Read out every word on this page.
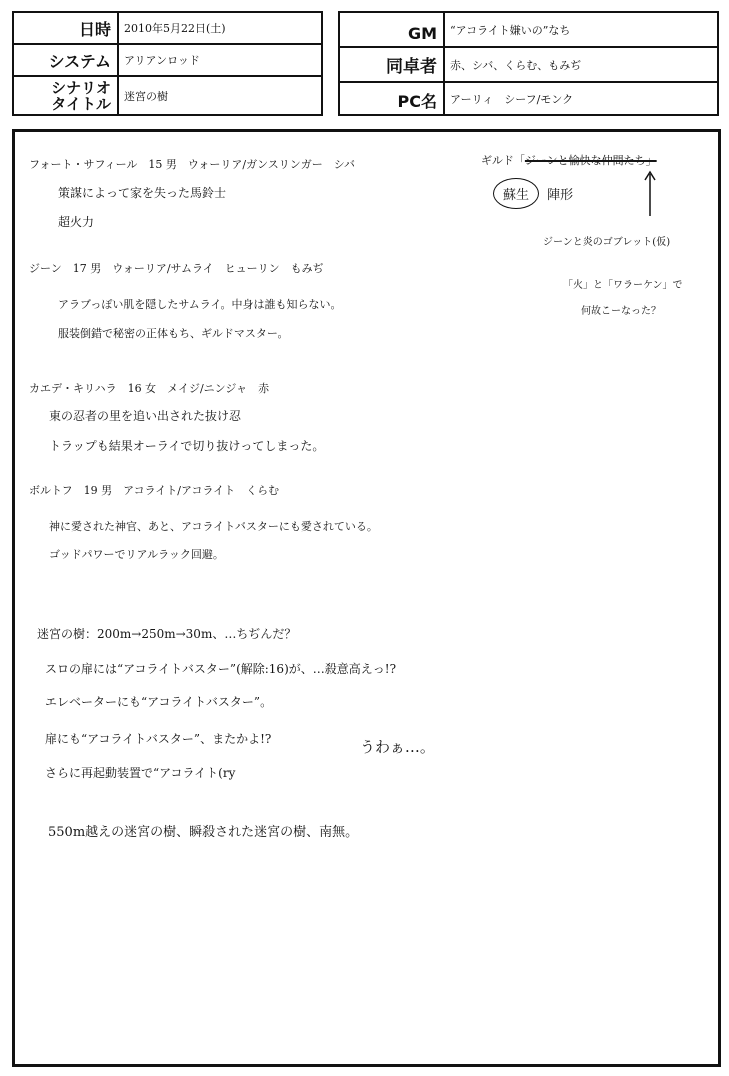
日時	2010年5月22日(土)
システム	アリアンロッド
シナリオ
タイトル 迷宮の樹
GM	“アコライト嫌いの”なち
同卓者	赤、シバ、くらむ、もみぢ
PC名	アーリィ　シーフ/モンク
フォート・サフィール　15 男　ウォーリア/ガンスリンガー　シバ
策謀によって家を失った馬鈴士
超火力
ジーン　17 男　ウォーリア/サムライ　ヒューリン　もみぢ
アラブっぽい肌を隠したサムライ。中身は誰も知らない。
服装倒錯で秘密の正体もち、ギルドマスター。
カエデ・キリハラ　16 女　メイジ/ニンジャ　赤
東の忍者の里を追い出された抜け忍
トラップも結果オーライで切り抜けってしまった。
ボルトフ　19 男　アコライト/アコライト　くらむ
神に愛された神官、あと、アコライトバスターにも愛されている。
ゴッドパワーでリアルラック回避。
ギルド「ジーンと愉快な仲間たち」
蘇生 陣形
ジーンと炎のゴブレット(仮)
「火」と「ワラーケン」で
何故こーなった？
迷宮の樹：200m→250m→30m、…ちぢんだ？
スロの扉には“アコライトバスター”(解除:16)が、…殺意高えっ!?
エレベーターにも“アコライトバスター”。
扉にも“アコライトバスター”、またかよ!?	うわぁ…。
さらに再起動装置で“アコライト(ry
550m越えの迷宮の樹、瞬殺された迷宮の樹、南無。
